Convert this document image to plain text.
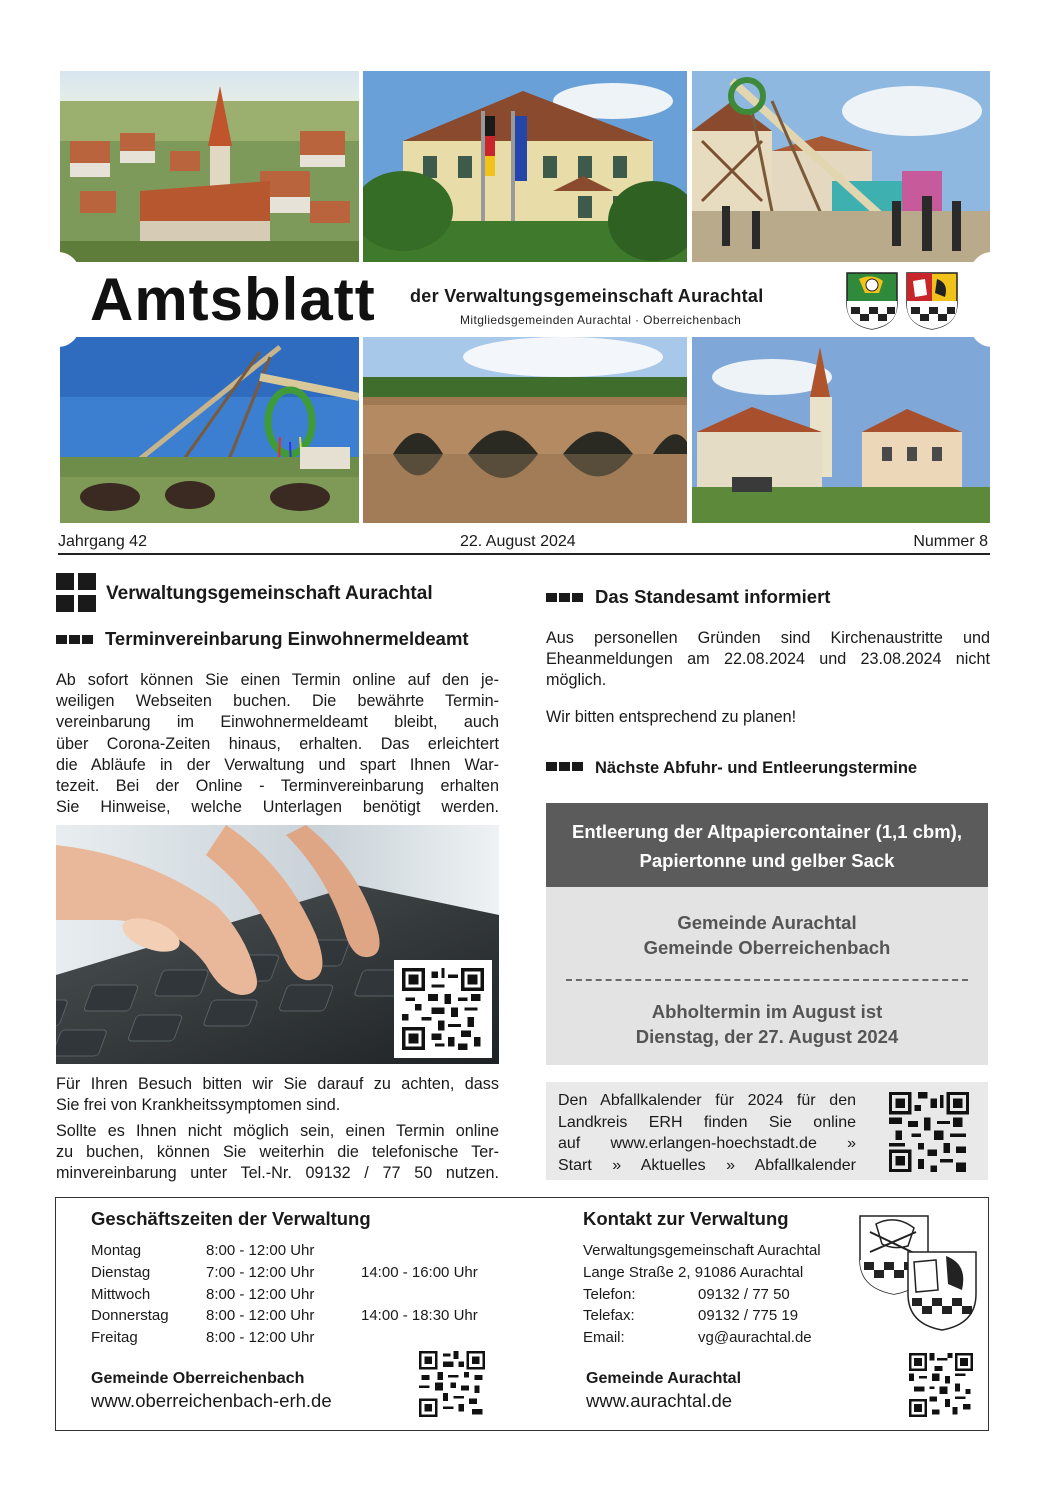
Amtsblatt der Verwaltungsgemeinschaft Aurachtal
Mitgliedsgemeinden Aurachtal · Oberreichenbach
Jahrgang 42	22. August 2024	Nummer 8
Verwaltungsgemeinschaft Aurachtal
Terminvereinbarung Einwohnermeldeamt
Ab sofort können Sie einen Termin online auf den je-
weiligen Webseiten buchen. Die bewährte Termin-
vereinbarung im Einwohnermeldeamt bleibt, auch
über Corona-Zeiten hinaus, erhalten. Das erleichtert
die Abläufe in der Verwaltung und spart Ihnen War-
tezeit. Bei der Online - Terminvereinbarung erhalten
Sie Hinweise, welche Unterlagen benötigt werden.
Für Ihren Besuch bitten wir Sie darauf zu achten, dass
Sie frei von Krankheitssymptomen sind.
Sollte es Ihnen nicht möglich sein, einen Termin online
zu buchen, können Sie weiterhin die telefonische Ter-
minvereinbarung unter Tel.-Nr. 09132 / 77 50 nutzen.
Das Standesamt informiert
Aus personellen Gründen sind Kirchenaustritte und
Eheanmeldungen am 22.08.2024 und 23.08.2024 nicht
möglich.
Wir bitten entsprechend zu planen!
Nächste Abfuhr- und Entleerungstermine
Entleerung der Altpapiercontainer (1,1 cbm),
Papiertonne und gelber Sack
Gemeinde Aurachtal
Gemeinde Oberreichenbach
Abholtermin im August ist
Dienstag, der 27. August 2024
Den Abfallkalender für 2024 für den
Landkreis ERH finden Sie online
auf www.erlangen-hoechstadt.de »
Start » Aktuelles » Abfallkalender
Geschäftszeiten der Verwaltung
Montag	8:00 - 12:00 Uhr
Dienstag	7:00 - 12:00 Uhr	14:00 - 16:00 Uhr
Mittwoch	8:00 - 12:00 Uhr
Donnerstag 8:00 - 12:00 Uhr	14:00 - 18:30 Uhr
Freitag	8:00 - 12:00 Uhr
Kontakt zur Verwaltung
Verwaltungsgemeinschaft Aurachtal
Lange Straße 2, 91086 Aurachtal
Telefon:	09132 / 77 50
Telefax:	09132 / 775 19
Email:	vg@aurachtal.de
Gemeinde Oberreichenbach
www.oberreichenbach-erh.de
Gemeinde Aurachtal
www.aurachtal.de
